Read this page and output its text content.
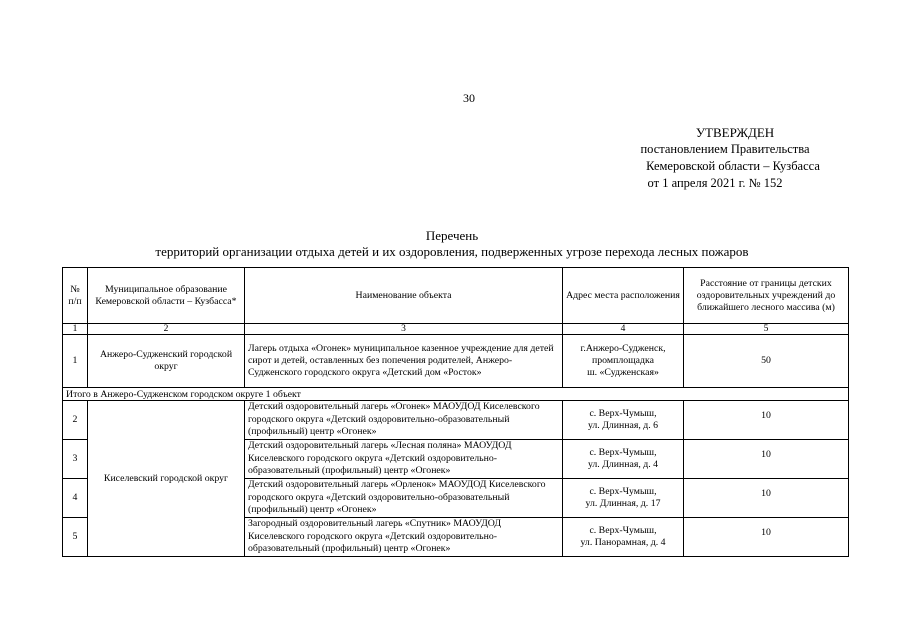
30
УТВЕРЖДЕН
постановлением Правительства
Кемеровской области – Кузбасса
от 1 апреля 2021 г. № 152
Перечень
территорий организации отдыха детей и их оздоровления, подверженных угрозе перехода лесных пожаров
№ п/п	Муниципальное образование Кемеровской области – Кузбасса*	Наименование объекта	Адрес места расположения	Расстояние от границы детских оздоровительных учреждений до ближайшего лесного массива (м)
1	2	3	4	5
1	Анжеро-Судженский городской округ	Лагерь отдыха «Огонек» муниципальное казенное учреждение для детей сирот и детей, оставленных без попечения родителей, Анжеро-Судженского городского округа «Детский дом «Росток»	г.Анжеро-Судженск,
промплощадка
ш. «Судженская»	50
Итого в Анжеро-Судженском городском округе 1 объект				
2	Киселевский городской округ	Детский оздоровительный лагерь «Огонек» МАОУДОД Киселевского городского округа «Детский оздоровительно-образовательный (профильный) центр «Огонек»	с. Верх-Чумыш,
ул. Длинная, д. 6	10
3		Детский оздоровительный лагерь «Лесная поляна» МАОУДОД Киселевского городского округа «Детский оздоровительно-образовательный (профильный) центр «Огонек»	с. Верх-Чумыш,
ул. Длинная, д. 4	10
4		Детский оздоровительный лагерь «Орленок» МАОУДОД Киселевского городского округа «Детский оздоровительно-образовательный (профильный) центр «Огонек»	с. Верх-Чумыш,
ул. Длинная, д. 17	10
5		Загородный оздоровительный лагерь «Спутник» МАОУДОД Киселевского городского округа «Детский оздоровительно-образовательный (профильный) центр «Огонек»	с. Верх-Чумыш,
ул. Панорамная, д. 4	10
